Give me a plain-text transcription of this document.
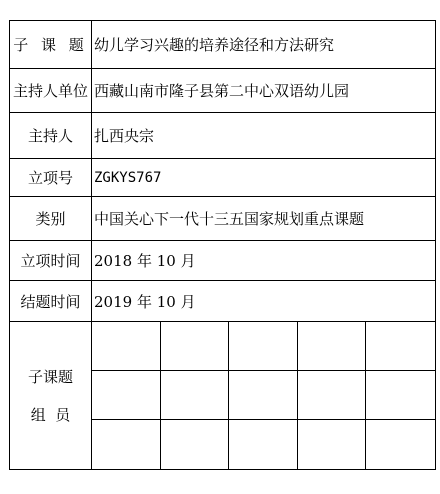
子 课 题 幼儿学习兴趣的培养途径和方法研究
主持人单位 西藏山南市隆子县第二中心双语幼儿园
主持人	扎西央宗
立项号	ZGKYS767
类别	中国关心下一代十三五国家规划重点课题
立项时间 2018 年 10 月
结题时间 2019 年 10 月
子课题
组  员
